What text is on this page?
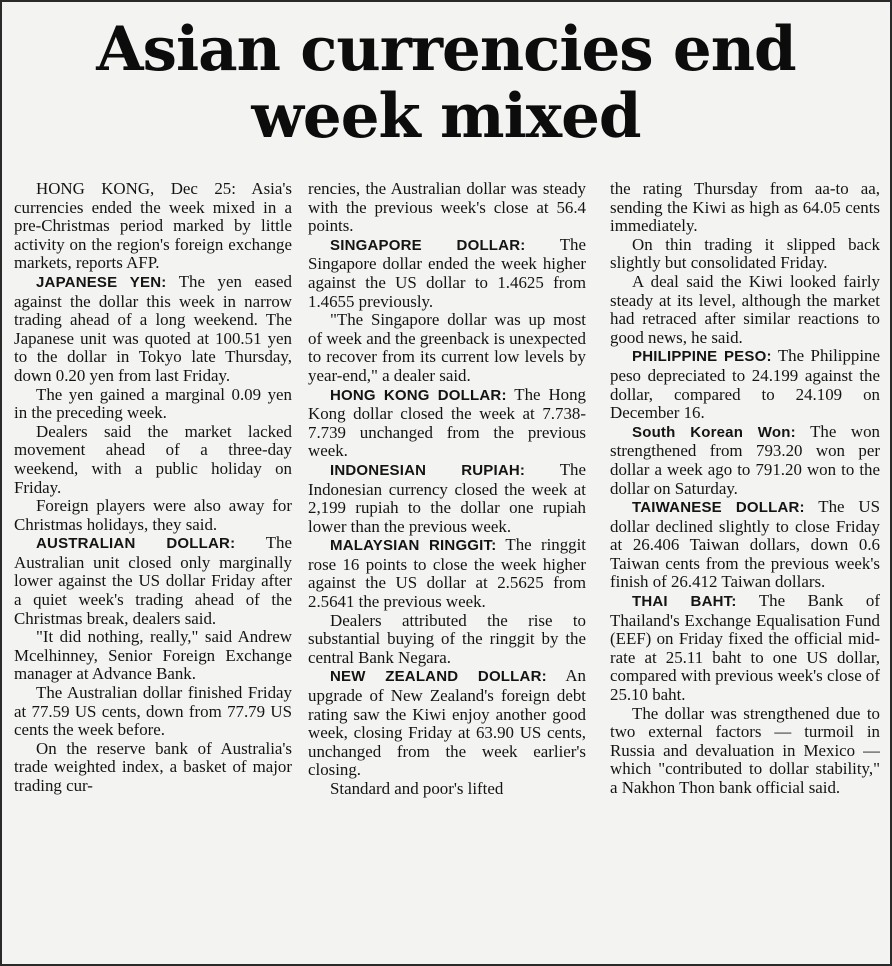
Asian currencies end
week mixed

HONG KONG, Dec 25: Asia's currencies ended the week mixed in a pre-Christmas period marked by little activity on the region's foreign exchange markets, reports AFP.

JAPANESE YEN: The yen eased against the dollar this week in narrow trading ahead of a long weekend. The Japanese unit was quoted at 100.51 yen to the dollar in Tokyo late Thursday, down 0.20 yen from last Friday.

The yen gained a marginal 0.09 yen in the preceding week.

Dealers said the market lacked movement ahead of a three-day weekend, with a public holiday on Friday.

Foreign players were also away for Christmas holidays, they said.

AUSTRALIAN DOLLAR: The Australian unit closed only marginally lower against the US dollar Friday after a quiet week's trading ahead of the Christmas break, dealers said.

"It did nothing, really," said Andrew Mcelhinney, Senior Foreign Exchange manager at Advance Bank.

The Australian dollar finished Friday at 77.59 US cents, down from 77.79 US cents the week before.

On the reserve bank of Australia's trade weighted index, a basket of major trading cur-

rencies, the Australian dollar was steady with the previous week's close at 56.4 points.

SINGAPORE DOLLAR: The Singapore dollar ended the week higher against the US dollar to 1.4625 from 1.4655 previously.

"The Singapore dollar was up most of week and the greenback is unexpected to recover from its current low levels by year-end," a dealer said.

HONG KONG DOLLAR: The Hong Kong dollar closed the week at 7.738-7.739 unchanged from the previous week.

INDONESIAN RUPIAH: The Indonesian currency closed the week at 2,199 rupiah to the dollar one rupiah lower than the previous week.

MALAYSIAN RINGGIT: The ringgit rose 16 points to close the week higher against the US dollar at 2.5625 from 2.5641 the previous week.

Dealers attributed the rise to substantial buying of the ringgit by the central Bank Negara.

NEW ZEALAND DOLLAR: An upgrade of New Zealand's foreign debt rating saw the Kiwi enjoy another good week, closing Friday at 63.90 US cents, unchanged from the week earlier's closing.

Standard and poor's lifted

the rating Thursday from aa-to aa, sending the Kiwi as high as 64.05 cents immediately.

On thin trading it slipped back slightly but consolidated Friday.

A deal said the Kiwi looked fairly steady at its level, although the market had retraced after similar reactions to good news, he said.

PHILIPPINE PESO: The Philippine peso depreciated to 24.199 against the dollar, compared to 24.109 on December 16.

South Korean Won: The won strengthened from 793.20 won per dollar a week ago to 791.20 won to the dollar on Saturday.

TAIWANESE DOLLAR: The US dollar declined slightly to close Friday at 26.406 Taiwan dollars, down 0.6 Taiwan cents from the previous week's finish of 26.412 Taiwan dollars.

THAI BAHT: The Bank of Thailand's Exchange Equalisation Fund (EEF) on Friday fixed the official mid-rate at 25.11 baht to one US dollar, compared with previous week's close of 25.10 baht.

The dollar was strengthened due to two external factors — turmoil in Russia and devaluation in Mexico — which "contributed to dollar stability," a Nakhon Thon bank official said.
